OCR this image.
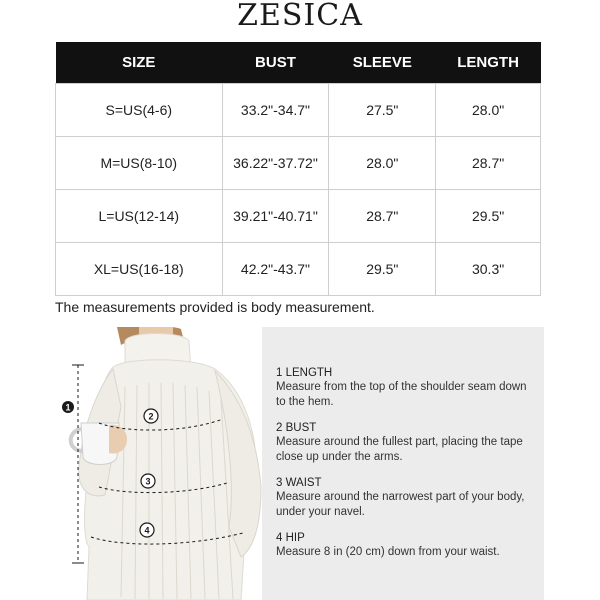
ZESICA
SIZE	BUST	SLEEVE	LENGTH
S=US(4-6)	33.2"-34.7"	27.5"	28.0"
M=US(8-10)	36.22"-37.72"	28.0"	28.7"
L=US(12-14)	39.21"-40.71"	28.7"	29.5"
XL=US(16-18)	42.2"-43.7"	29.5"	30.3"
The measurements provided is body measurement.
1
2
3
4
1 LENGTH
Measure from the top of the shoulder seam down to the hem.
2 BUST
Measure around the fullest part, placing the tape close up under the arms.
3 WAIST
Measure around the narrowest part of your body, under your navel.
4 HIP
Measure 8 in (20 cm) down from your waist.
